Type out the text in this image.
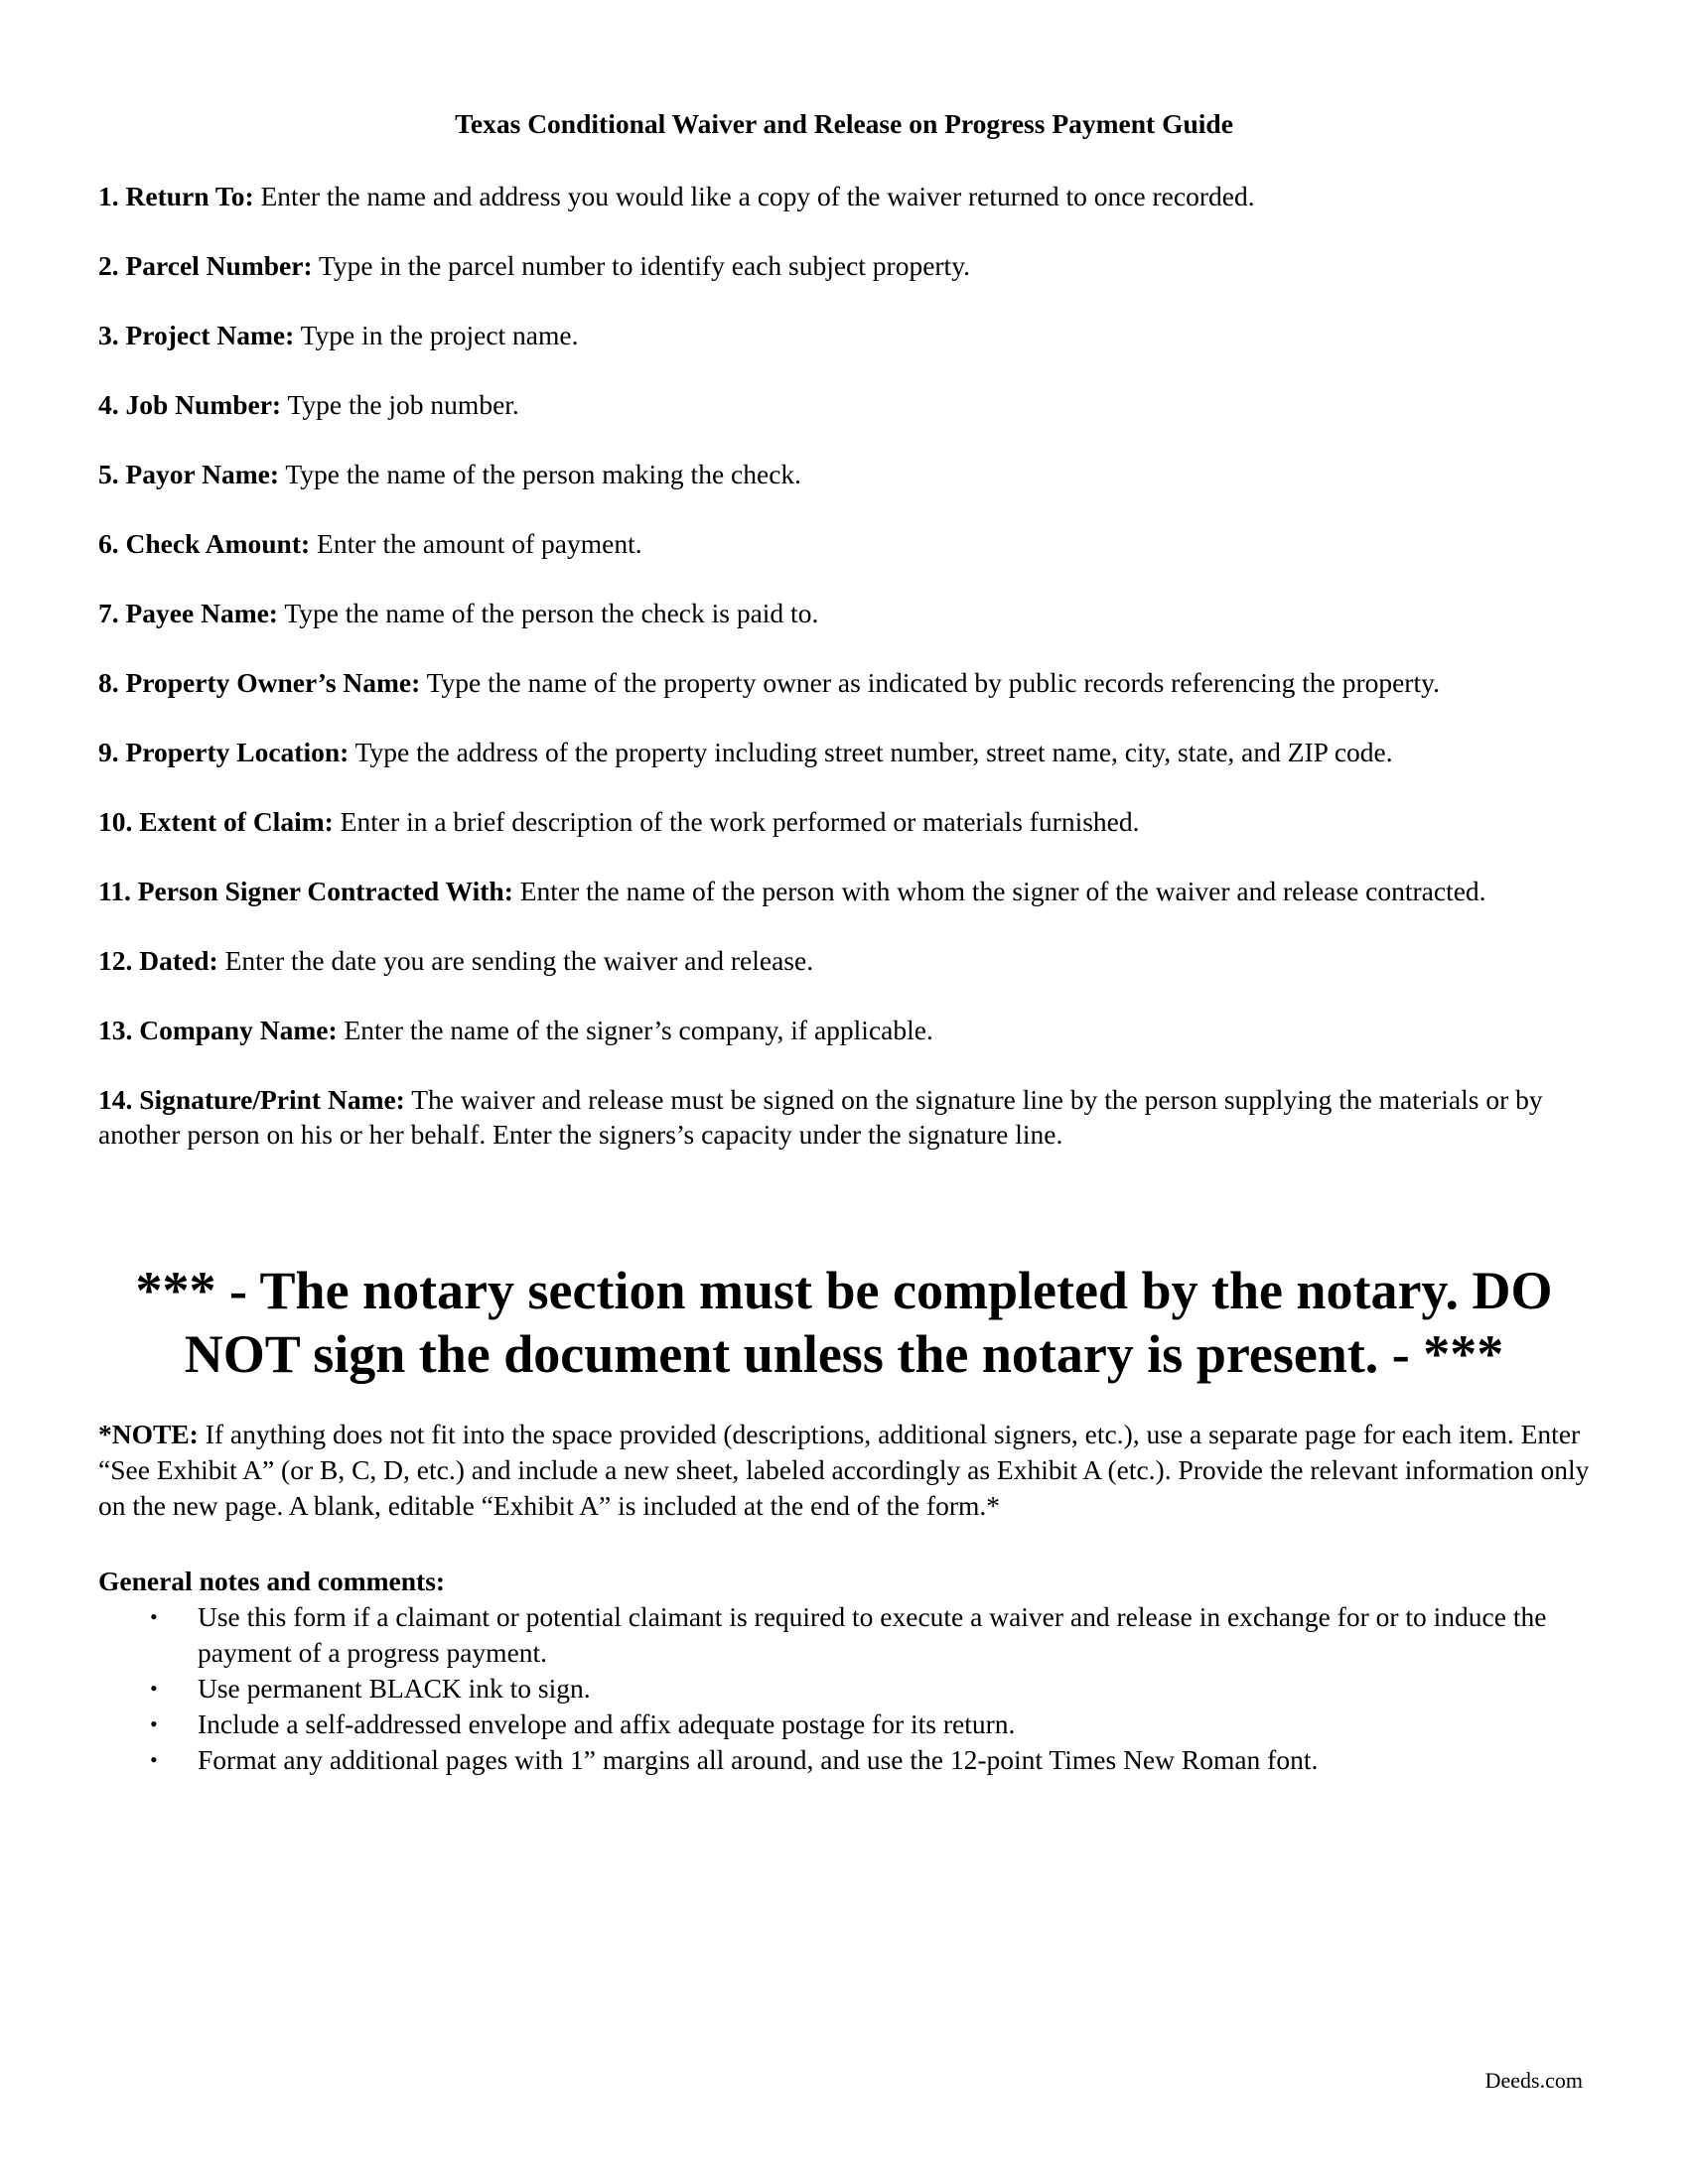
Texas Conditional Waiver and Release on Progress Payment Guide
1. Return To: Enter the name and address you would like a copy of the waiver returned to once recorded.
2. Parcel Number: Type in the parcel number to identify each subject property.
3. Project Name: Type in the project name.
4. Job Number: Type the job number.
5. Payor Name: Type the name of the person making the check.
6. Check Amount: Enter the amount of payment.
7. Payee Name: Type the name of the person the check is paid to.
8. Property Owner’s Name: Type the name of the property owner as indicated by public records referencing the property.
9. Property Location: Type the address of the property including street number, street name, city, state, and ZIP code.
10. Extent of Claim: Enter in a brief description of the work performed or materials furnished.
11. Person Signer Contracted With: Enter the name of the person with whom the signer of the waiver and release contracted.
12. Dated: Enter the date you are sending the waiver and release.
13. Company Name: Enter the name of the signer’s company, if applicable.
14. Signature/Print Name: The waiver and release must be signed on the signature line by the person supplying the materials or by another person on his or her behalf. Enter the signers’s capacity under the signature line.

*** - The notary section must be completed by the notary. DO NOT sign the document unless the notary is present. - ***

*NOTE: If anything does not fit into the space provided (descriptions, additional signers, etc.), use a separate page for each item. Enter “See Exhibit A” (or B, C, D, etc.) and include a new sheet, labeled accordingly as Exhibit A (etc.). Provide the relevant information only on the new page. A blank, editable “Exhibit A” is included at the end of the form.*

General notes and comments:

• Use this form if a claimant or potential claimant is required to execute a waiver and release in exchange for or to induce the payment of a progress payment.
• Use permanent BLACK ink to sign.
• Include a self-addressed envelope and affix adequate postage for its return.
• Format any additional pages with 1” margins all around, and use the 12-point Times New Roman font.

Deeds.com
